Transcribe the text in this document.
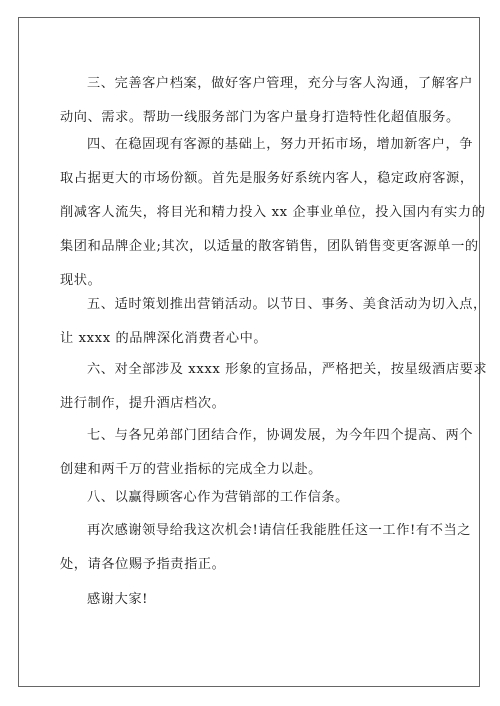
三、完善客户档案，做好客户管理，充分与客人沟通，了解客户
动向、需求。帮助一线服务部门为客户量身打造特性化超值服务。
四、在稳固现有客源的基础上，努力开拓市场，增加新客户，争
取占据更大的市场份额。首先是服务好系统内客人，稳定政府客源，
削减客人流失，将目光和精力投入 xx 企事业单位，投入国内有实力的
集团和品牌企业;其次，以适量的散客销售，团队销售变更客源单一的
现状。
五、适时策划推出营销活动。以节日、事务、美食活动为切入点，
让 xxxx 的品牌深化消费者心中。
六、对全部涉及 xxxx 形象的宣扬品，严格把关，按星级酒店要求
进行制作，提升酒店档次。
七、与各兄弟部门团结合作，协调发展，为今年四个提高、两个
创建和两千万的营业指标的完成全力以赴。
八、以赢得顾客心作为营销部的工作信条。
再次感谢领导给我这次机会!请信任我能胜任这一工作!有不当之
处，请各位赐予指责指正。
感谢大家!
